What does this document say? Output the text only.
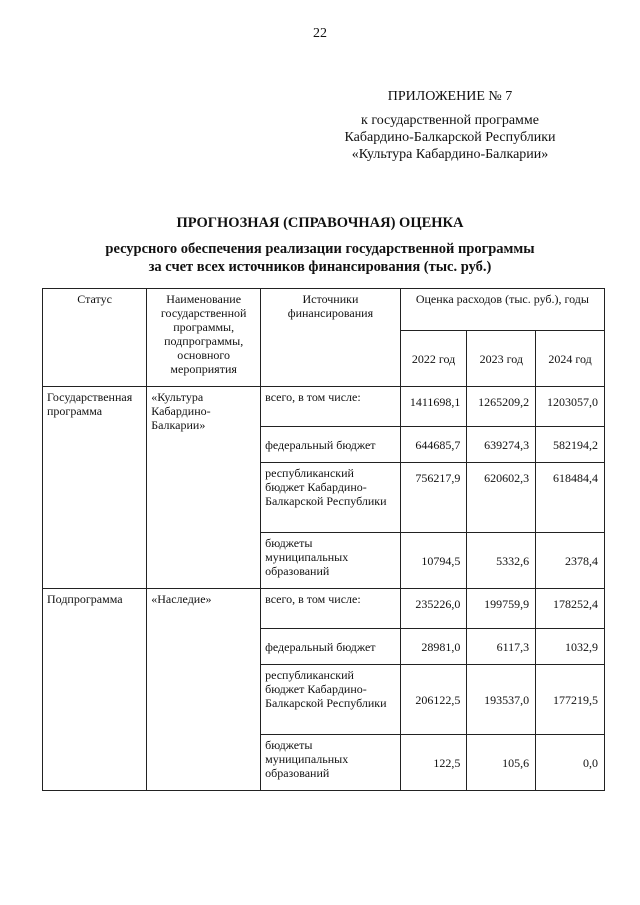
22
ПРИЛОЖЕНИЕ № 7
к государственной программе
Кабардино-Балкарской Республики
«Культура Кабардино-Балкарии»
ПРОГНОЗНАЯ (СПРАВОЧНАЯ) ОЦЕНКА
ресурсного обеспечения реализации государственной программы
за счет всех источников финансирования (тыс. руб.)
Статус	Наименование государственной программы, подпрограммы, основного мероприятия	Источники финансирования	Оценка расходов (тыс. руб.), годы		
			2022 год	2023 год	2024 год
Государственная программа	«Культура Кабардино-Балкарии»	всего, в том числе:	1411698,1	1265209,2	1203057,0
		федеральный бюджет	644685,7	639274,3	582194,2
		республиканский бюджет Кабардино-Балкарской Республики	756217,9	620602,3	618484,4
		бюджеты муниципальных образований	10794,5	5332,6	2378,4
Подпрограмма	«Наследие»	всего, в том числе:	235226,0	199759,9	178252,4
		федеральный бюджет	28981,0	6117,3	1032,9
		республиканский бюджет Кабардино-Балкарской Республики	206122,5	193537,0	177219,5
		бюджеты муниципальных образований	122,5	105,6	0,0
